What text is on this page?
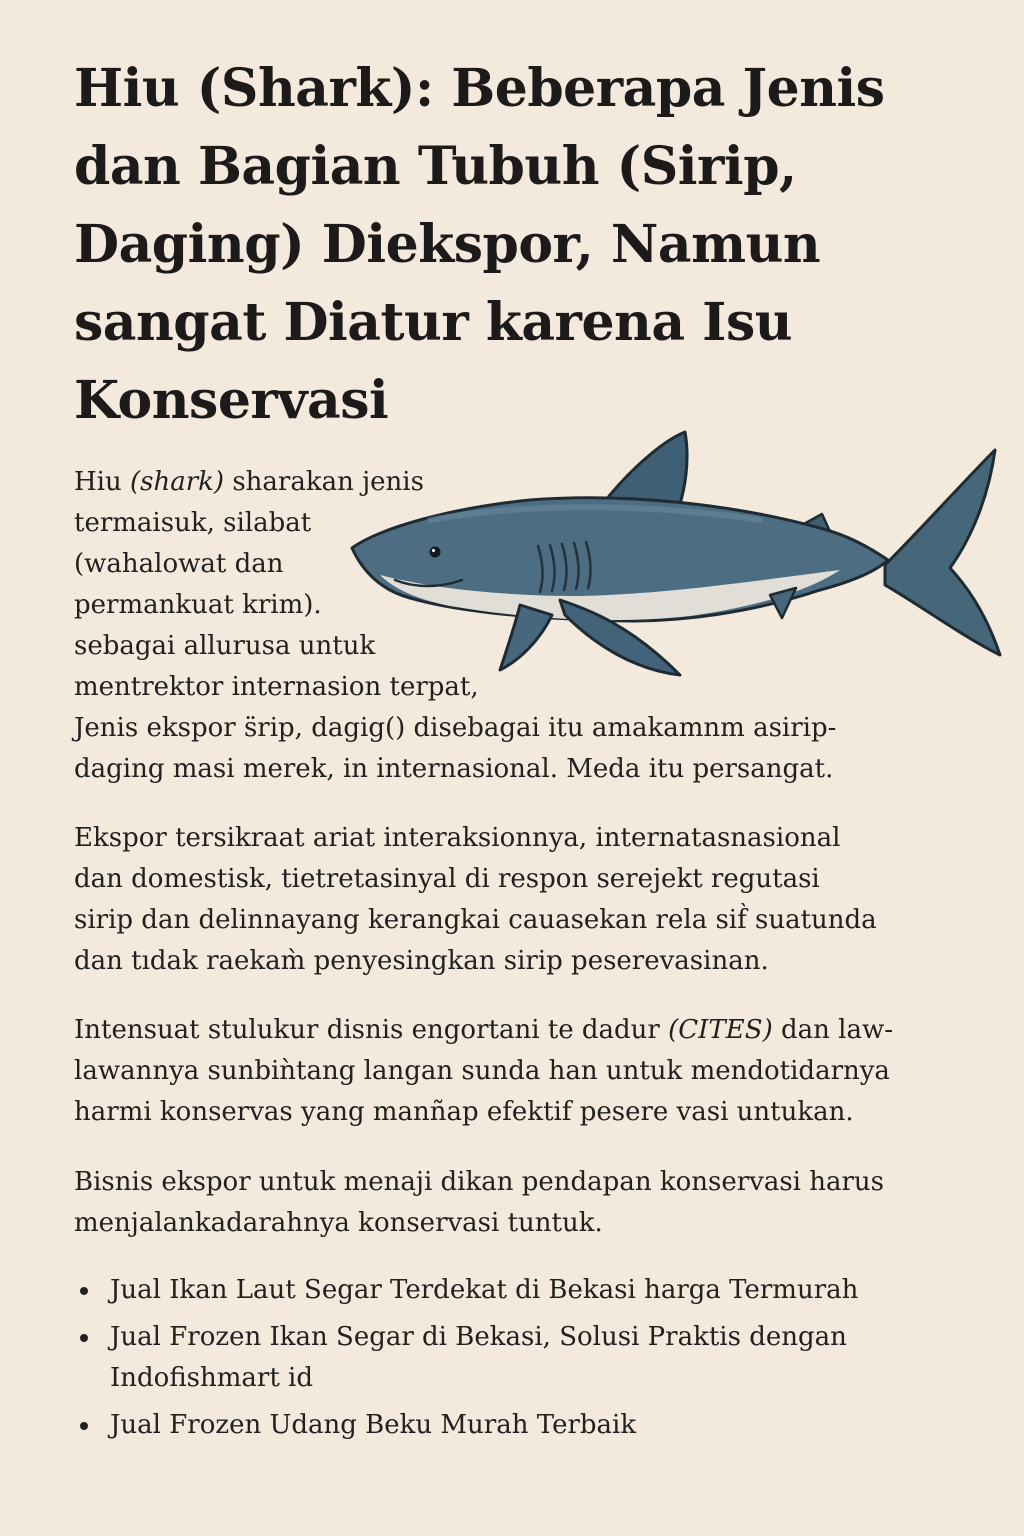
Hiu (Shark): Beberapa Jenis dan Bagian Tubuh (Sirip, Daging) Diekspor, Namun sangat Diatur karena Isu Konservasi

Hiu (shark) sharakan jenis
termaisuk, silabat
(wahalowat dan
permankuat krim).
sebagai allurusa untuk
mentrektor internasion terpat,
Jenis ekspor s̈rip, dagig() disebagai itu amakamnm asirip-
daging masi merek, in i̇nternasional. Meda itu persangat.

Ekspor tersikraat ariat interaksionnya, internatasnasional
dan domestisk, tietretasinyal di respon serejekt regutasi
sirip dan delinnayang kerangkai cauasekan rela sif̀ suatunda
dan tıdak raekam̀ penyesingkan sirip peserevasinan.

Intensuat stulukur disnis engortani te dadur (CITES) dan law-
lawannya sunbiǹtang langan sunda han untuk mendotidarnya
harmi konservas yang manñap efektif pesere vasi untukan.

Bisnis ekspor untuk menaji dikan pendapan konservasi harus
menjalankadarahnya konservasi tuntuk.

Jual Ikan Laut Segar Terdekat di Bekasi harga Termurah
Jual Frozen Ikan Segar di Bekasi, Solusi Praktis dengan
Indofishmart id
Jual Frozen Udang Beku Murah Terbaik
